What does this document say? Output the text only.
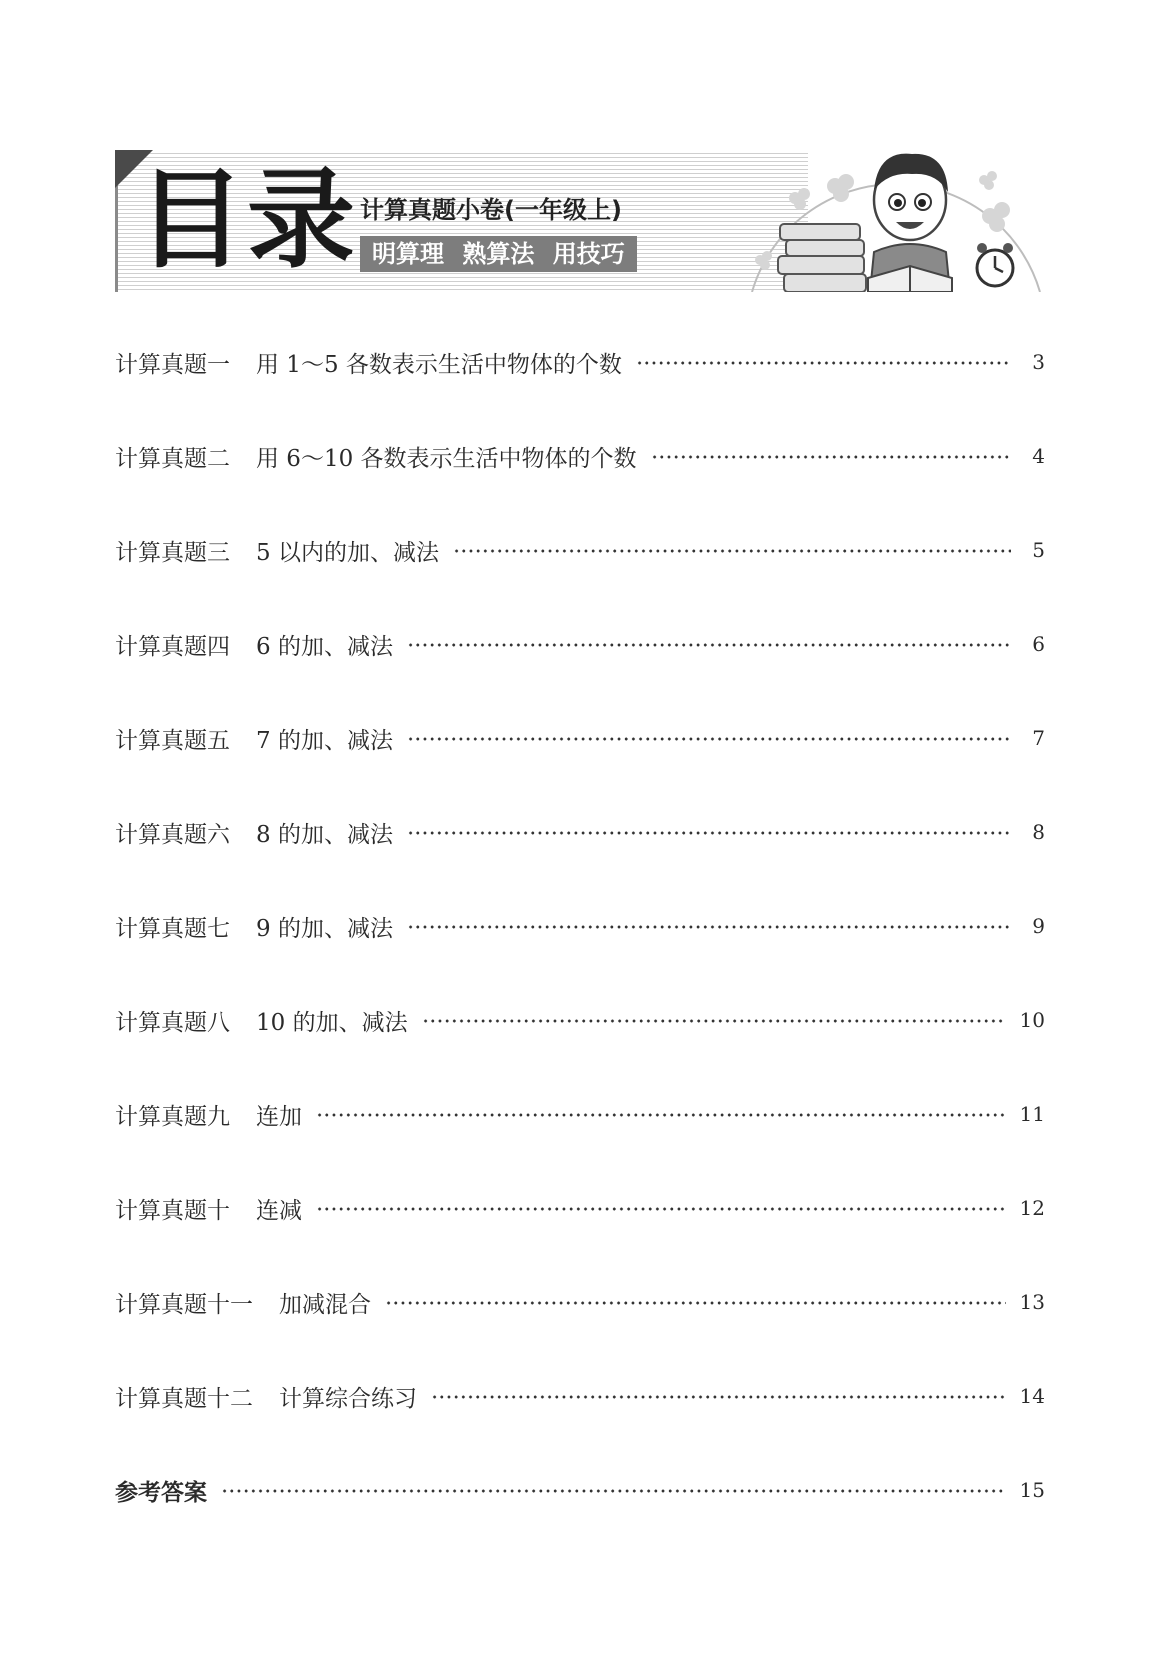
目录 计算真题小卷(一年级上)
明算理 熟算法 用技巧
计算真题一 用 1～5 各数表示生活中物体的个数	3
计算真题二 用 6～10 各数表示生活中物体的个数	4
计算真题三 5 以内的加、减法	5
计算真题四 6 的加、减法	6
计算真题五 7 的加、减法	7
计算真题六 8 的加、减法	8
计算真题七 9 的加、减法	9
计算真题八 10 的加、减法	10
计算真题九 连加	11
计算真题十 连减	12
计算真题十一 加减混合	13
计算真题十二 计算综合练习	14
参考答案	15
